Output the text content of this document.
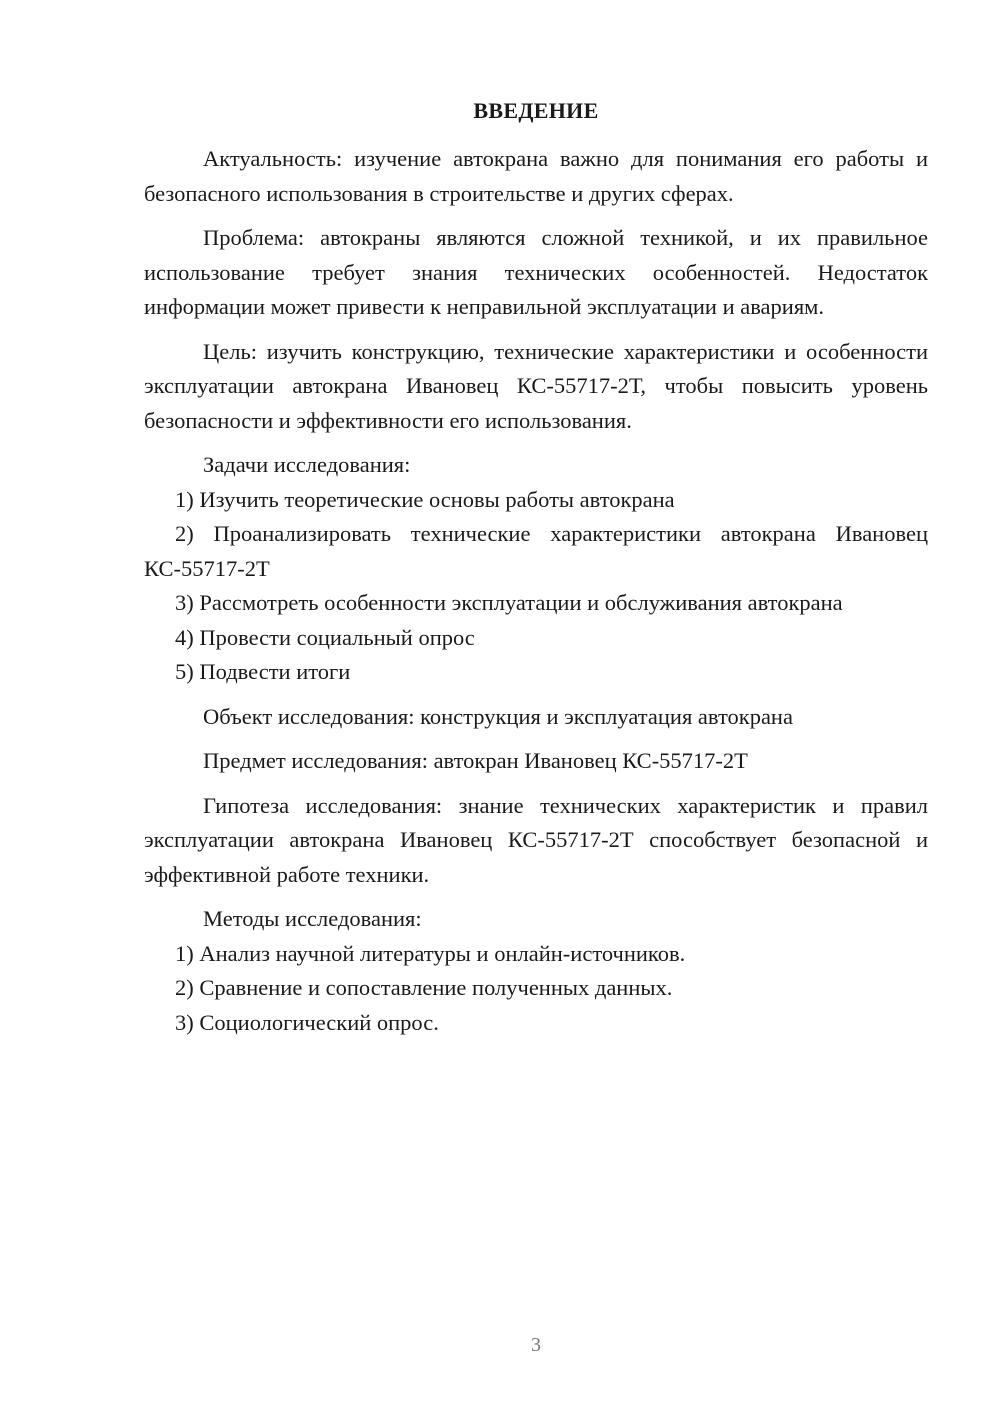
ВВЕДЕНИЕ

Актуальность: изучение автокрана важно для понимания его работы и безопасного использования в строительстве и других сферах.

Проблема: автокраны являются сложной техникой, и их правильное использование требует знания технических особенностей. Недостаток информации может привести к неправильной эксплуатации и авариям.

Цель: изучить конструкцию, технические характеристики и особенности эксплуатации автокрана Ивановец КС-55717-2Т, чтобы повысить уровень безопасности и эффективности его использования.

Задачи исследования:

1) Изучить теоретические основы работы автокрана

2) Проанализировать технические характеристики автокрана Ивановец КС-55717-2Т

3) Рассмотреть особенности эксплуатации и обслуживания автокрана

4) Провести социальный опрос

5) Подвести итоги

Объект исследования: конструкция и эксплуатация автокрана

Предмет исследования: автокран Ивановец КС-55717-2Т

Гипотеза исследования: знание технических характеристик и правил эксплуатации автокрана Ивановец КС-55717-2Т способствует безопасной и эффективной работе техники.

Методы исследования:

1) Анализ научной литературы и онлайн-источников.

2) Сравнение и сопоставление полученных данных.

3) Социологический опрос.

3
